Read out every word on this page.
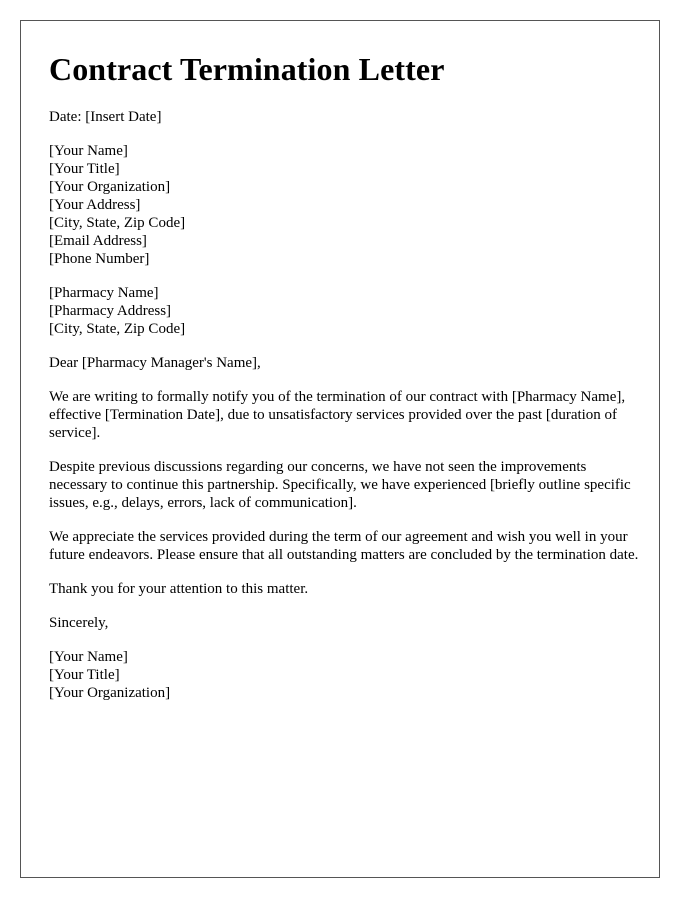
Contract Termination Letter

Date: [Insert Date]

[Your Name]
[Your Title]
[Your Organization]
[Your Address]
[City, State, Zip Code]
[Email Address]
[Phone Number]

[Pharmacy Name]
[Pharmacy Address]
[City, State, Zip Code]

Dear [Pharmacy Manager's Name],

We are writing to formally notify you of the termination of our contract with [Pharmacy Name], effective [Termination Date], due to unsatisfactory services provided over the past [duration of service].

Despite previous discussions regarding our concerns, we have not seen the improvements necessary to continue this partnership. Specifically, we have experienced [briefly outline specific issues, e.g., delays, errors, lack of communication].

We appreciate the services provided during the term of our agreement and wish you well in your future endeavors. Please ensure that all outstanding matters are concluded by the termination date.

Thank you for your attention to this matter.

Sincerely,

[Your Name]
[Your Title]
[Your Organization]
